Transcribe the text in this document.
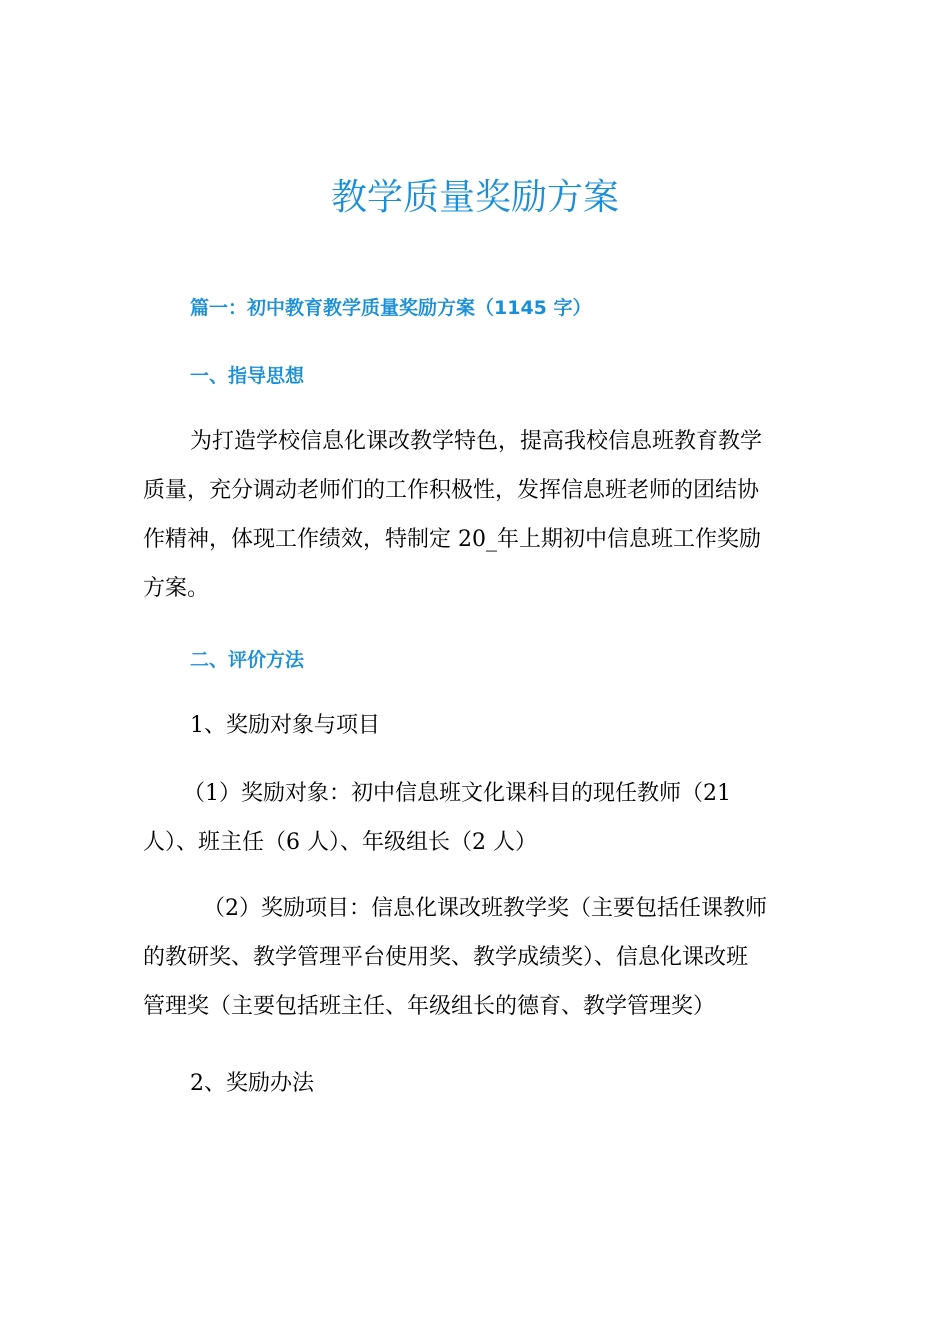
教学质量奖励方案
篇一：初中教育教学质量奖励方案（1145 字）
一、指导思想
为打造学校信息化课改教学特色，提高我校信息班教育教学
质量，充分调动老师们的工作积极性，发挥信息班老师的团结协
作精神，体现工作绩效，特制定 20_年上期初中信息班工作奖励
方案。
二、评价方法
1、奖励对象与项目
（1）奖励对象：初中信息班文化课科目的现任教师（21
人）、班主任（6 人）、年级组长（2 人）
（2）奖励项目：信息化课改班教学奖（主要包括任课教师
的教研奖、教学管理平台使用奖、教学成绩奖）、信息化课改班
管理奖（主要包括班主任、年级组长的德育、教学管理奖）
2、奖励办法
